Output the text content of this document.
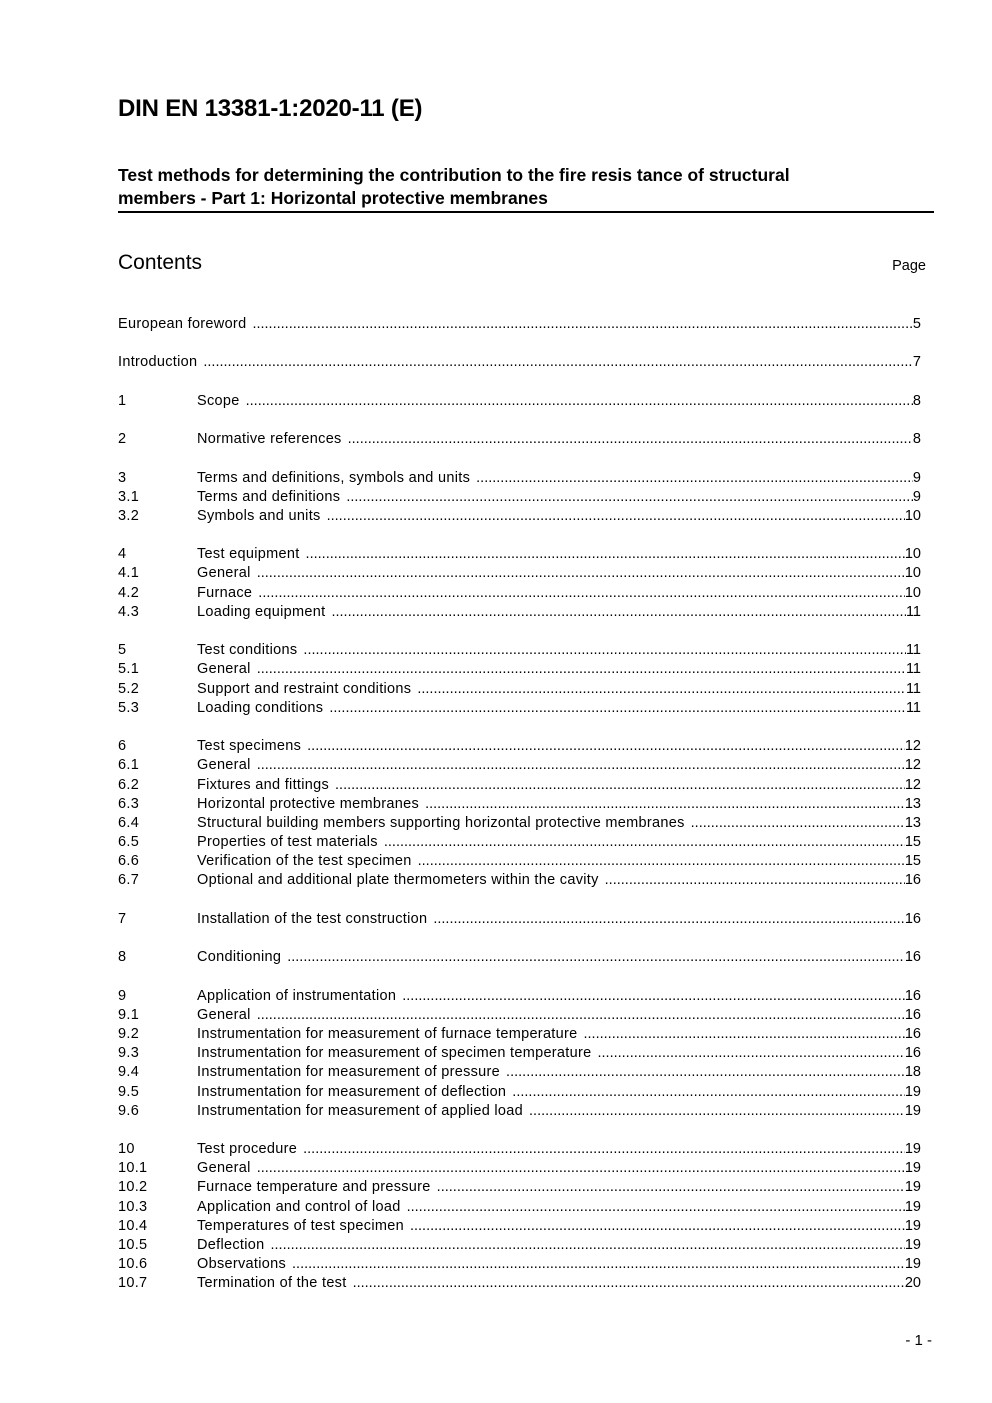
DIN EN 13381-1:2020-11 (E)
Test methods for determining the contribution to the fire resis tance of structural
members - Part 1: Horizontal protective membranes
Contents	Page
European foreword .....	5
Introduction .....	7
1	Scope .....	8
2	Normative references .....	8
3	Terms and definitions, symbols and units .....	9
3.1	Terms and definitions .....	9
3.2	Symbols and units .....	10
4	Test equipment .....	10
4.1	General .....	10
4.2	Furnace .....	10
4.3	Loading equipment .....	11
5	Test conditions .....	11
5.1	General .....	11
5.2	Support and restraint conditions .....	11
5.3	Loading conditions .....	11
6	Test specimens .....	12
6.1	General .....	12
6.2	Fixtures and fittings .....	12
6.3	Horizontal protective membranes .....	13
6.4	Structural building members supporting horizontal protective membranes .....	13
6.5	Properties of test materials .....	15
6.6	Verification of the test specimen .....	15
6.7	Optional and additional plate thermometers within the cavity .....	16
7	Installation of the test construction .....	16
8	Conditioning .....	16
9	Application of instrumentation .....	16
9.1	General .....	16
9.2	Instrumentation for measurement of furnace temperature .....	16
9.3	Instrumentation for measurement of specimen temperature .....	16
9.4	Instrumentation for measurement of pressure .....	18
9.5	Instrumentation for measurement of deflection .....	19
9.6	Instrumentation for measurement of applied load .....	19
10	Test procedure .....	19
10.1	General .....	19
10.2	Furnace temperature and pressure .....	19
10.3	Application and control of load .....	19
10.4	Temperatures of test specimen .....	19
10.5	Deflection .....	19
10.6	Observations .....	19
10.7	Termination of the test .....	20
- 1 -
